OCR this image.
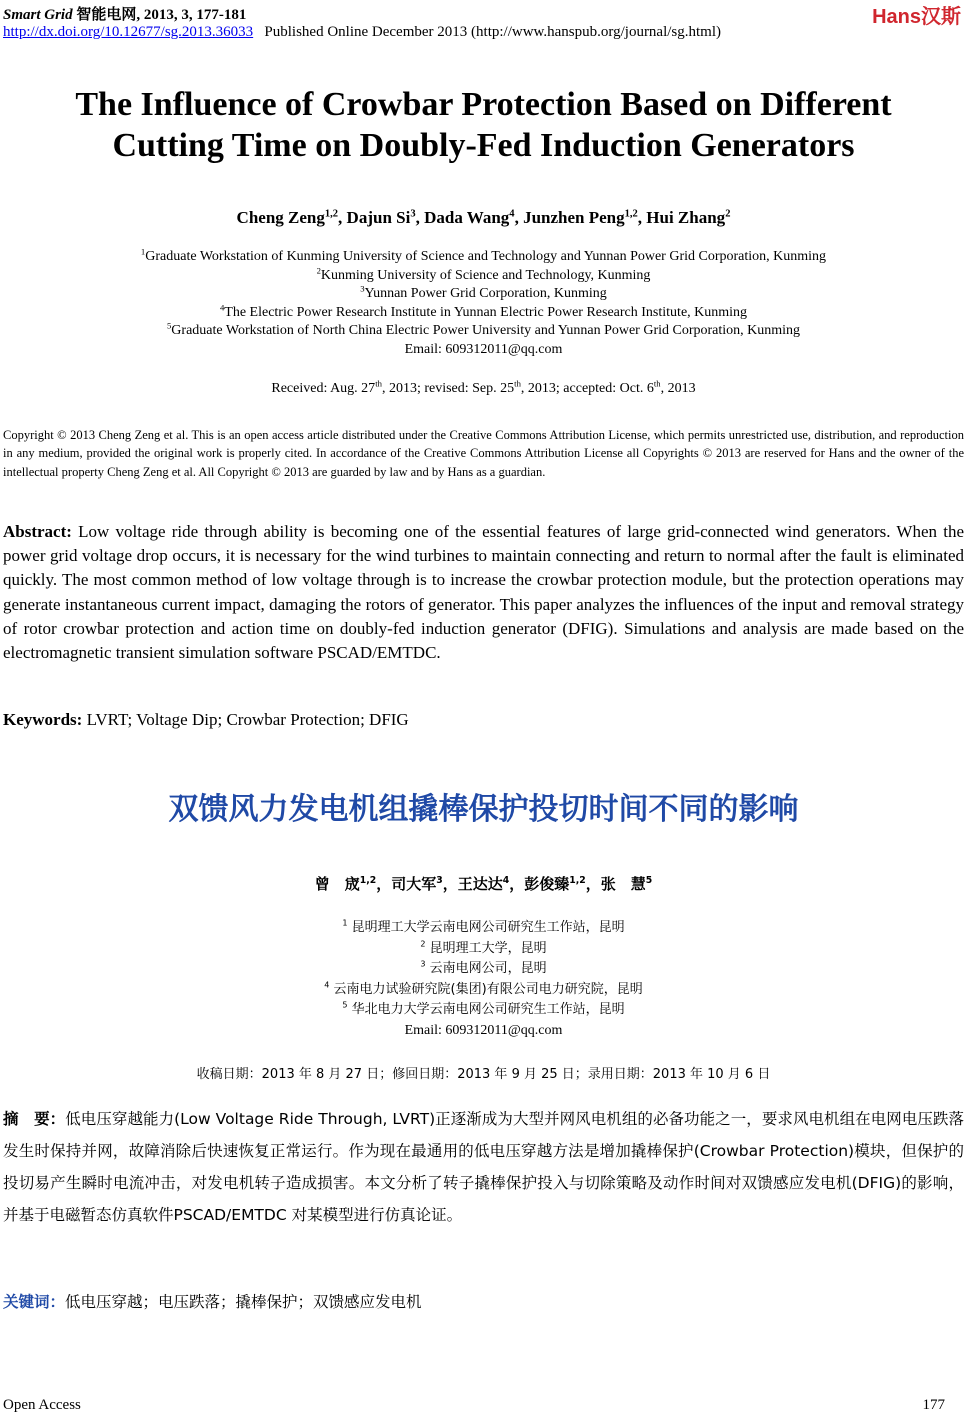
Smart Grid 智能电网, 2013, 3, 177-181	Hans汉斯
http://dx.doi.org/10.12677/sg.2013.36033 Published Online December 2013 (http://www.hanspub.org/journal/sg.html)
The Influence of Crowbar Protection Based on Different
Cutting Time on Doubly-Fed Induction Generators
Cheng Zeng$^{1,2}$, Dajun Si$^3$, Dada Wang$^4$, Junzhen Peng$^{1,2}$, Hui Zhang$^2$
$^1$Graduate Workstation of Kunming University of Science and Technology and Yunnan Power Grid Corporation, Kunming
$^2$Kunming University of Science and Technology, Kunming
$^3$Yunnan Power Grid Corporation, Kunming
$^4$The Electric Power Research Institute in Yunnan Electric Power Research Institute, Kunming
$^5$Graduate Workstation of North China Electric Power University and Yunnan Power Grid Corporation, Kunming
Email: 609312011@qq.com
Received: Aug. 27th, 2013; revised: Sep. 25th, 2013; accepted: Oct. 6th, 2013
Copyright © 2013 Cheng Zeng et al. This is an open access article distributed under the Creative Commons Attribution License, which permits unrestricted use, distribution, and reproduction in any medium, provided the original work is properly cited. In accordance of the Creative Commons Attribution License all Copyrights © 2013 are reserved for Hans and the owner of the intellectual property Cheng Zeng et al. All Copyright © 2013 are guarded by law and by Hans as a guardian.
Abstract: Low voltage ride through ability is becoming one of the essential features of large grid-connected wind generators. When the power grid voltage drop occurs, it is necessary for the wind turbines to maintain connecting and return to normal after the fault is eliminated quickly. The most common method of low voltage through is to increase the crowbar protection module, but the protection operations may generate instantaneous current impact, damaging the rotors of generator. This paper analyzes the influences of the input and removal strategy of rotor crowbar protection and action time on doubly-fed induction generator (DFIG). Simulations and analysis are made based on the electromagnetic transient simulation software PSCAD/EMTDC.
Keywords: LVRT; Voltage Dip; Crowbar Protection; DFIG
双馈风力发电机组撬棒保护投切时间不同的影响
曾　宬$^{1,2}$，司大军$^3$，王达达$^4$，彭俊臻$^{1,2}$，张　慧$^5$
$^1$ 昆明理工大学云南电网公司研究生工作站，昆明
$^2$ 昆明理工大学，昆明
$^3$ 云南电网公司，昆明
$^4$ 云南电力试验研究院(集团)有限公司电力研究院，昆明
$^5$ 华北电力大学云南电网公司研究生工作站，昆明
Email: 609312011@qq.com
收稿日期：2013 年 8 月 27 日；修回日期：2013 年 9 月 25 日；录用日期：2013 年 10 月 6 日
摘　要：低电压穿越能力(Low Voltage Ride Through, LVRT)正逐渐成为大型并网风电机组的必备功能之一，要求风电机组在电网电压跌落发生时保持并网，故障消除后快速恢复正常运行。作为现在最通用的低电压穿越方法是增加撬棒保护(Crowbar Protection)模块，但保护的投切易产生瞬时电流冲击，对发电机转子造成损害。本文分析了转子撬棒保护投入与切除策略及动作时间对双馈感应发电机(DFIG)的影响，并基于电磁暂态仿真软件PSCAD/EMTDC 对某模型进行仿真论证。
关键词：低电压穿越；电压跌落；撬棒保护；双馈感应发电机
Open Access	177
